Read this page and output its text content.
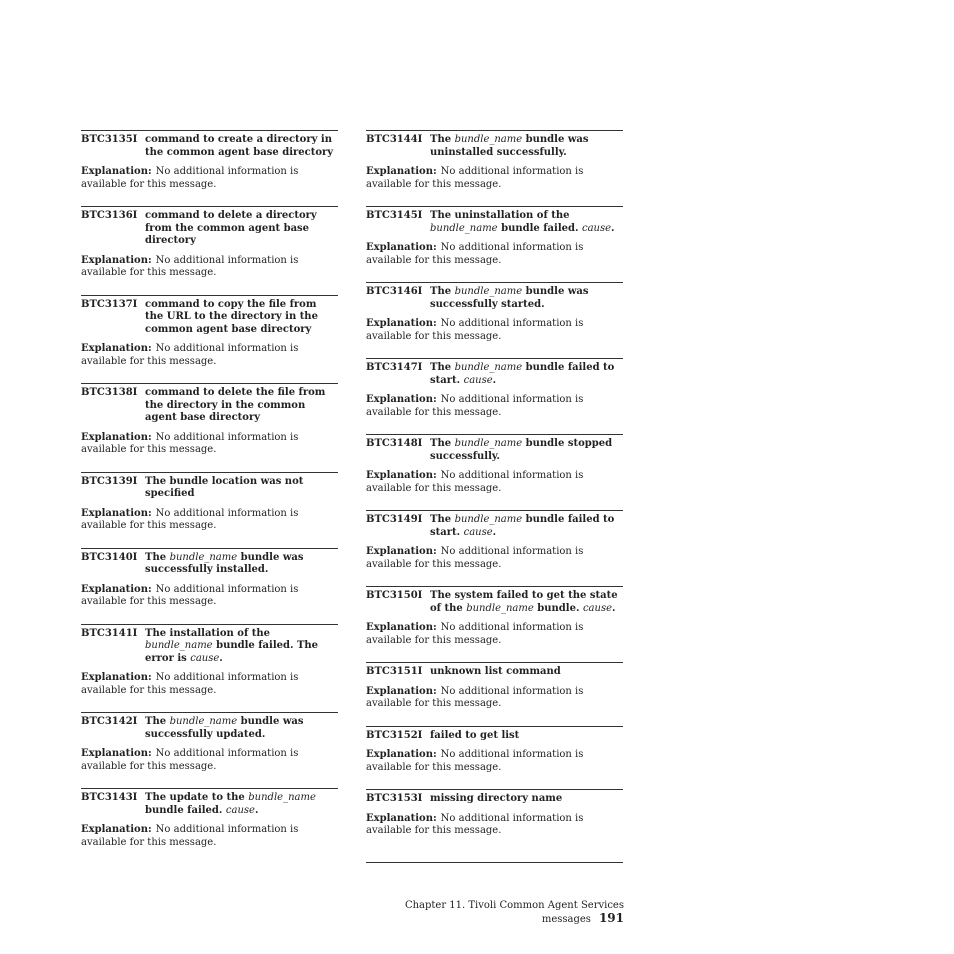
BTC3135I command to create a directory in the common agent base directory
Explanation: No additional information is available for this message.
BTC3136I command to delete a directory from the common agent base directory
Explanation: No additional information is available for this message.
BTC3137I command to copy the file from the URL to the directory in the common agent base directory
Explanation: No additional information is available for this message.
BTC3138I command to delete the file from the directory in the common agent base directory
Explanation: No additional information is available for this message.
BTC3139I The bundle location was not specified
Explanation: No additional information is available for this message.
BTC3140I The bundle_name bundle was successfully installed.
Explanation: No additional information is available for this message.
BTC3141I The installation of the bundle_name bundle failed. The error is cause.
Explanation: No additional information is available for this message.
BTC3142I The bundle_name bundle was successfully updated.
Explanation: No additional information is available for this message.
BTC3143I The update to the bundle_name bundle failed. cause.
Explanation: No additional information is available for this message.
BTC3144I The bundle_name bundle was uninstalled successfully.
Explanation: No additional information is available for this message.
BTC3145I The uninstallation of the bundle_name bundle failed. cause.
Explanation: No additional information is available for this message.
BTC3146I The bundle_name bundle was successfully started.
Explanation: No additional information is available for this message.
BTC3147I The bundle_name bundle failed to start. cause.
Explanation: No additional information is available for this message.
BTC3148I The bundle_name bundle stopped successfully.
Explanation: No additional information is available for this message.
BTC3149I The bundle_name bundle failed to start. cause.
Explanation: No additional information is available for this message.
BTC3150I The system failed to get the state of the bundle_name bundle. cause.
Explanation: No additional information is available for this message.
BTC3151I unknown list command
Explanation: No additional information is available for this message.
BTC3152I failed to get list
Explanation: No additional information is available for this message.
BTC3153I missing directory name
Explanation: No additional information is available for this message.
Chapter 11. Tivoli Common Agent Services messages 191
